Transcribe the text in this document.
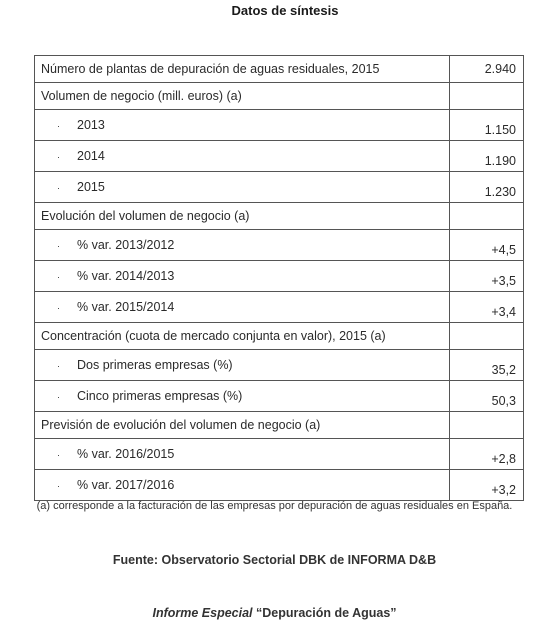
Datos de síntesis
Número de plantas de depuración de aguas residuales, 2015	2.940
Volumen de negocio (mill. euros) (a)	
· 2013	1.150
· 2014	1.190
· 2015	1.230
Evolución del volumen de negocio (a)	
· % var. 2013/2012	+4,5
· % var. 2014/2013	+3,5
· % var. 2015/2014	+3,4
Concentración (cuota de mercado conjunta en valor), 2015 (a)	
· Dos primeras empresas (%)	35,2
· Cinco primeras empresas (%)	50,3
Previsión de evolución del volumen de negocio (a)	
· % var. 2016/2015	+2,8
· % var. 2017/2016	+3,2
(a) corresponde a la facturación de las empresas por depuración de aguas residuales en España.
Fuente: Observatorio Sectorial DBK de INFORMA D&B
Informe Especial “Depuración de Aguas”
